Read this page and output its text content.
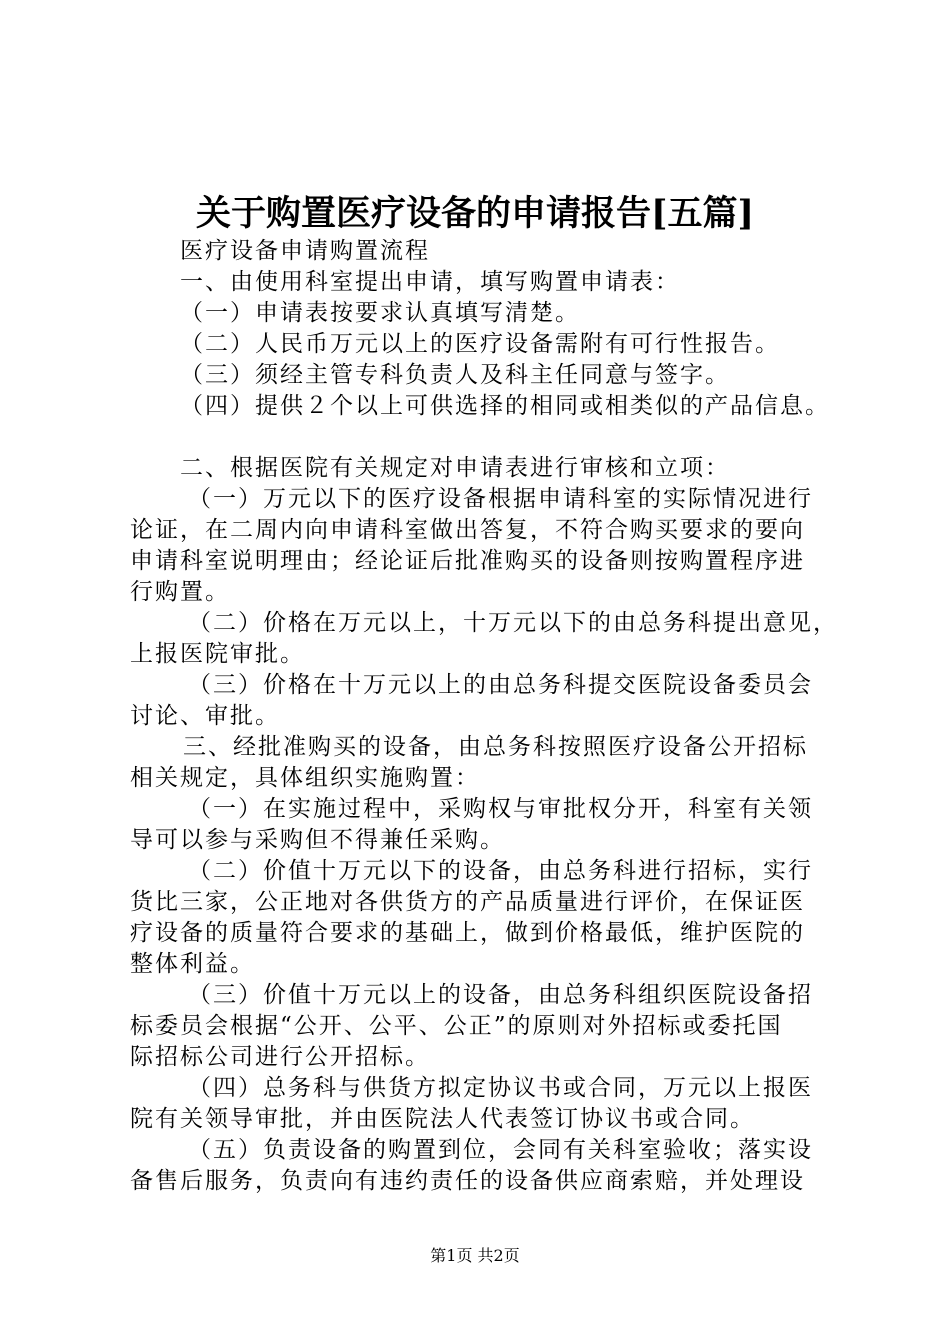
关于购置医疗设备的申请报告[五篇]
医疗设备申请购置流程
一、由使用科室提出申请，填写购置申请表：
（一）申请表按要求认真填写清楚。
（二）人民币万元以上的医疗设备需附有可行性报告。
（三）须经主管专科负责人及科主任同意与签字。
（四）提供２个以上可供选择的相同或相类似的产品信息。
二、根据医院有关规定对申请表进行审核和立项：
（一）万元以下的医疗设备根据申请科室的实际情况进行
论证，在二周内向申请科室做出答复，不符合购买要求的要向
申请科室说明理由；经论证后批准购买的设备则按购置程序进
行购置。
（二）价格在万元以上，十万元以下的由总务科提出意见，
上报医院审批。
（三）价格在十万元以上的由总务科提交医院设备委员会
讨论、审批。
三、经批准购买的设备，由总务科按照医疗设备公开招标
相关规定，具体组织实施购置：
（一）在实施过程中，采购权与审批权分开，科室有关领
导可以参与采购但不得兼任采购。
（二）价值十万元以下的设备，由总务科进行招标，实行
货比三家，公正地对各供货方的产品质量进行评价，在保证医
疗设备的质量符合要求的基础上，做到价格最低，维护医院的
整体利益。
（三）价值十万元以上的设备，由总务科组织医院设备招
标委员会根据“公开、公平、公正”的原则对外招标或委托国
际招标公司进行公开招标。
（四）总务科与供货方拟定协议书或合同，万元以上报医
院有关领导审批，并由医院法人代表签订协议书或合同。
（五）负责设备的购置到位，会同有关科室验收；落实设
备售后服务，负责向有违约责任的设备供应商索赔，并处理设
第1页 共2页
